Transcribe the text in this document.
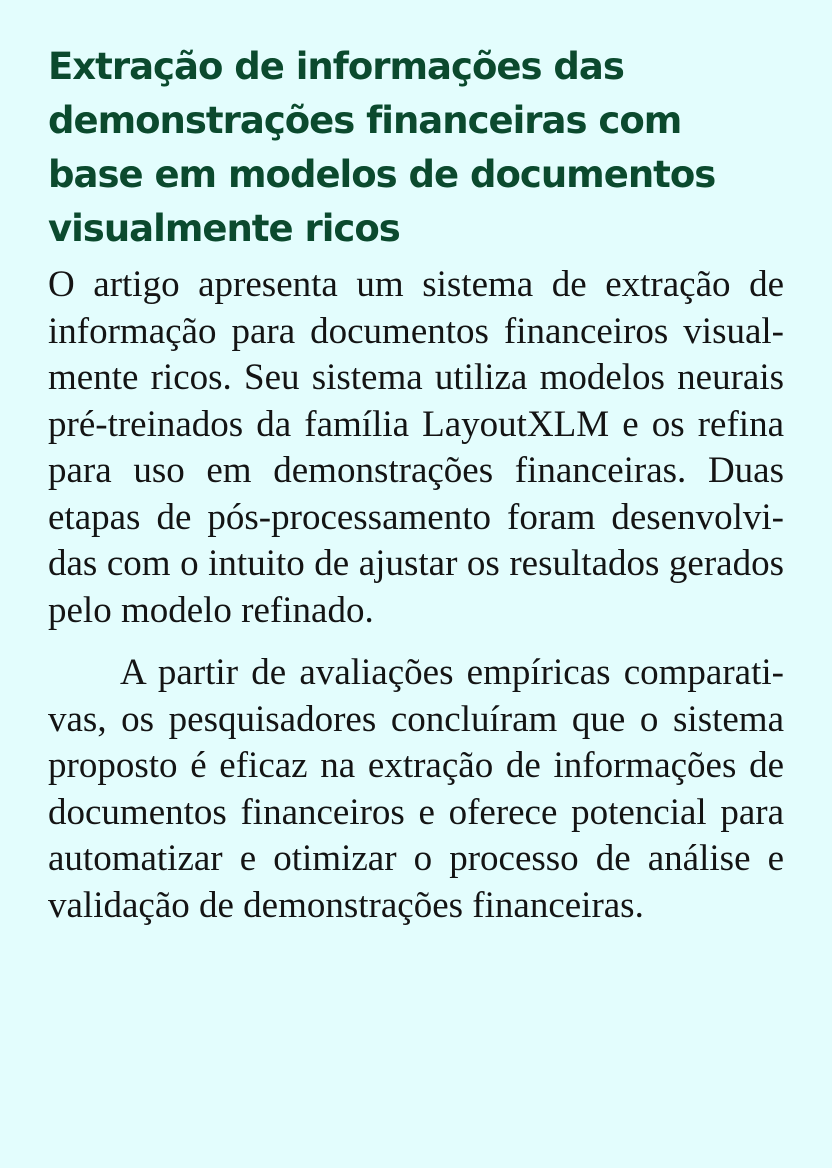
Extração de informações das demonstrações financeiras com base em modelos de documentos visualmente ricos

O artigo apresenta um sistema de extração de informação para documentos financeiros visualmente ricos. Seu sistema utiliza modelos neurais pré-treinados da família LayoutXLM e os refina para uso em demonstrações financeiras. Duas etapas de pós-processamento foram desenvolvidas com o intuito de ajustar os resultados gerados pelo modelo refinado.

A partir de avaliações empíricas comparativas, os pesquisadores concluíram que o sistema proposto é eficaz na extração de informações de documentos financeiros e oferece potencial para automatizar e otimizar o processo de análise e validação de demonstrações financeiras.
